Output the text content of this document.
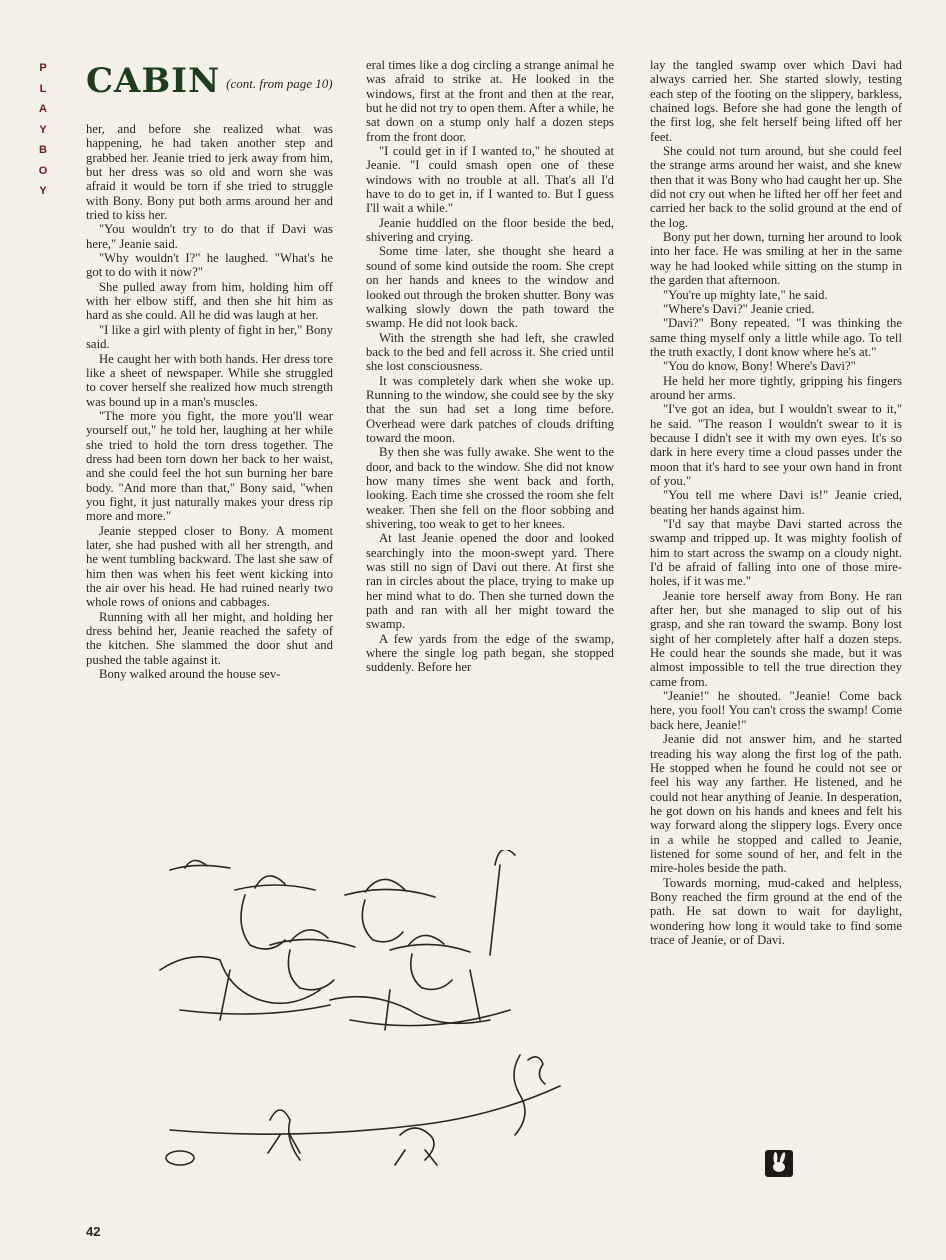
P
L
A
Y
B
O
Y
CABIN (cont. from page 10)

her, and before she realized what was happening, he had taken another step and grabbed her. Jeanie tried to jerk away from him, but her dress was so old and worn she was afraid it would be torn if she tried to struggle with Bony. Bony put both arms around her and tried to kiss her.

"You wouldn't try to do that if Davi was here," Jeanie said.

"Why wouldn't I?" he laughed. "What's he got to do with it now?"

She pulled away from him, holding him off with her elbow stiff, and then she hit him as hard as she could. All he did was laugh at her.

"I like a girl with plenty of fight in her," Bony said.

He caught her with both hands. Her dress tore like a sheet of newspaper. While she struggled to cover herself she realized how much strength was bound up in a man's muscles.

"The more you fight, the more you'll wear yourself out," he told her, laughing at her while she tried to hold the torn dress together. The dress had been torn down her back to her waist, and she could feel the hot sun burning her bare body. "And more than that," Bony said, "when you fight, it just naturally makes your dress rip more and more."

Jeanie stepped closer to Bony. A moment later, she had pushed with all her strength, and he went tumbling backward. The last she saw of him then was when his feet went kicking into the air over his head. He had ruined nearly two whole rows of onions and cabbages.

Running with all her might, and holding her dress behind her, Jeanie reached the safety of the kitchen. She slammed the door shut and pushed the table against it.

Bony walked around the house sev-

eral times like a dog circling a strange animal he was afraid to strike at. He looked in the windows, first at the front and then at the rear, but he did not try to open them. After a while, he sat down on a stump only half a dozen steps from the front door.

"I could get in if I wanted to," he shouted at Jeanie. "I could smash open one of these windows with no trouble at all. That's all I'd have to do to get in, if I wanted to. But I guess I'll wait a while."

Jeanie huddled on the floor beside the bed, shivering and crying.

Some time later, she thought she heard a sound of some kind outside the room. She crept on her hands and knees to the window and looked out through the broken shutter. Bony was walking slowly down the path toward the swamp. He did not look back.

With the strength she had left, she crawled back to the bed and fell across it. She cried until she lost consciousness.

It was completely dark when she woke up. Running to the window, she could see by the sky that the sun had set a long time before. Overhead were dark patches of clouds drifting toward the moon.

By then she was fully awake. She went to the door, and back to the window. She did not know how many times she went back and forth, looking. Each time she crossed the room she felt weaker. Then she fell on the floor sobbing and shivering, too weak to get to her knees.

At last Jeanie opened the door and looked searchingly into the moon-swept yard. There was still no sign of Davi out there. At first she ran in circles about the place, trying to make up her mind what to do. Then she turned down the path and ran with all her might toward the swamp.

A few yards from the edge of the swamp, where the single log path began, she stopped suddenly. Before her

lay the tangled swamp over which Davi had always carried her. She started slowly, testing each step of the footing on the slippery, barkless, chained logs. Before she had gone the length of the first log, she felt herself being lifted off her feet.

She could not turn around, but she could feel the strange arms around her waist, and she knew then that it was Bony who had caught her up. She did not cry out when he lifted her off her feet and carried her back to the solid ground at the end of the log.

Bony put her down, turning her around to look into her face. He was smiling at her in the same way he had looked while sitting on the stump in the garden that afternoon.

"You're up mighty late," he said.

"Where's Davi?" Jeanie cried.

"Davi?" Bony repeated. "I was thinking the same thing myself only a little while ago. To tell the truth exactly, I dont know where he's at."

"You do know, Bony! Where's Davi?"

He held her more tightly, gripping his fingers around her arms.

"I've got an idea, but I wouldn't swear to it," he said. "The reason I wouldn't swear to it is because I didn't see it with my own eyes. It's so dark in here every time a cloud passes under the moon that it's hard to see your own hand in front of you."

"You tell me where Davi is!" Jeanie cried, beating her hands against him.

"I'd say that maybe Davi started across the swamp and tripped up. It was mighty foolish of him to start across the swamp on a cloudy night. I'd be afraid of falling into one of those mire-holes, if it was me."

Jeanie tore herself away from Bony. He ran after her, but she managed to slip out of his grasp, and she ran toward the swamp. Bony lost sight of her completely after half a dozen steps. He could hear the sounds she made, but it was almost impossible to tell the true direction they came from.

"Jeanie!" he shouted. "Jeanie! Come back here, you fool! You can't cross the swamp! Come back here, Jeanie!"

Jeanie did not answer him, and he started treading his way along the first log of the path. He stopped when he found he could not see or feel his way any farther. He listened, and he could not hear anything of Jeanie. In desperation, he got down on his hands and knees and felt his way forward along the slippery logs. Every once in a while he stopped and called to Jeanie, listened for some sound of her, and felt in the mire-holes beside the path.

Towards morning, mud-caked and helpless, Bony reached the firm ground at the end of the path. He sat down to wait for daylight, wondering how long it would take to find some trace of Jeanie, or of Davi.

42
